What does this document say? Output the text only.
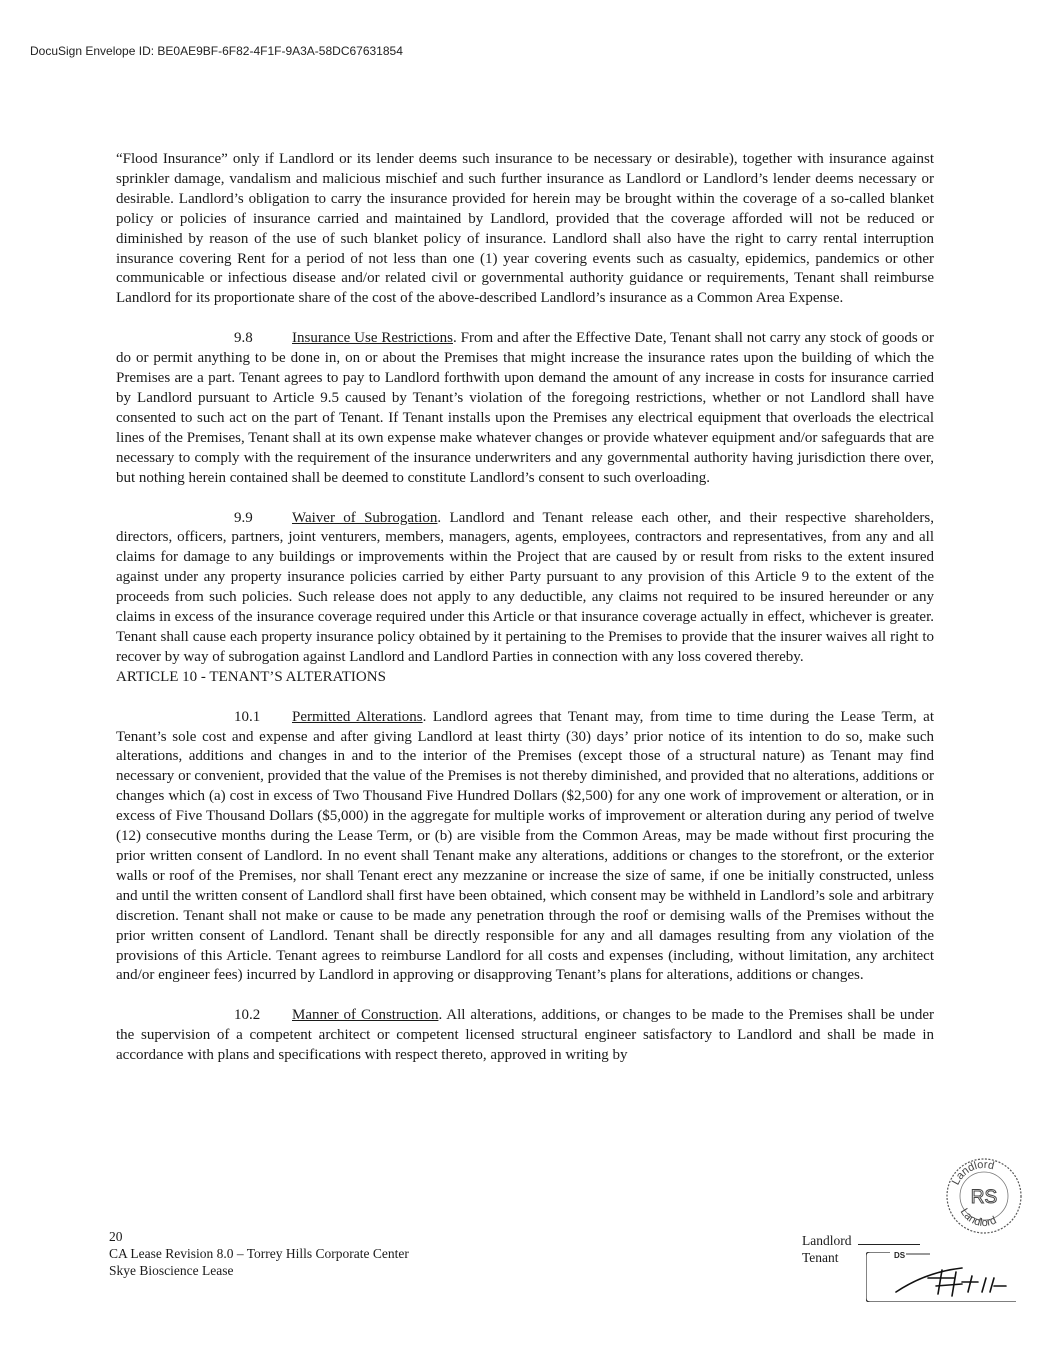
DocuSign Envelope ID: BE0AE9BF-6F82-4F1F-9A3A-58DC67631854

“Flood Insurance” only if Landlord or its lender deems such insurance to be necessary or desirable), together with insurance against sprinkler damage, vandalism and malicious mischief and such further insurance as Landlord or Landlord’s lender deems necessary or desirable. Landlord’s obligation to carry the insurance provided for herein may be brought within the coverage of a so-called blanket policy or policies of insurance carried and maintained by Landlord, provided that the coverage afforded will not be reduced or diminished by reason of the use of such blanket policy of insurance. Landlord shall also have the right to carry rental interruption insurance covering Rent for a period of not less than one (1) year covering events such as casualty, epidemics, pandemics or other communicable or infectious disease and/or related civil or governmental authority guidance or requirements, Tenant shall reimburse Landlord for its proportionate share of the cost of the above-described Landlord’s insurance as a Common Area Expense.

9.8	Insurance Use Restrictions. From and after the Effective Date, Tenant shall not carry any stock of goods or do or permit anything to be done in, on or about the Premises that might increase the insurance rates upon the building of which the Premises are a part. Tenant agrees to pay to Landlord forthwith upon demand the amount of any increase in costs for insurance carried by Landlord pursuant to Article 9.5 caused by Tenant’s violation of the foregoing restrictions, whether or not Landlord shall have consented to such act on the part of Tenant. If Tenant installs upon the Premises any electrical equipment that overloads the electrical lines of the Premises, Tenant shall at its own expense make whatever changes or provide whatever equipment and/or safeguards that are necessary to comply with the requirement of the insurance underwriters and any governmental authority having jurisdiction there over, but nothing herein contained shall be deemed to constitute Landlord’s consent to such overloading.

9.9	Waiver of Subrogation. Landlord and Tenant release each other, and their respective shareholders, directors, officers, partners, joint venturers, members, managers, agents, employees, contractors and representatives, from any and all claims for damage to any buildings or improvements within the Project that are caused by or result from risks to the extent insured against under any property insurance policies carried by either Party pursuant to any provision of this Article 9 to the extent of the proceeds from such policies. Such release does not apply to any deductible, any claims not required to be insured hereunder or any claims in excess of the insurance coverage required under this Article or that insurance coverage actually in effect, whichever is greater. Tenant shall cause each property insurance policy obtained by it pertaining to the Premises to provide that the insurer waives all right to recover by way of subrogation against Landlord and Landlord Parties in connection with any loss covered thereby.

ARTICLE 10 - TENANT’S ALTERATIONS

10.1 Permitted Alterations. Landlord agrees that Tenant may, from time to time during the Lease Term, at Tenant’s sole cost and expense and after giving Landlord at least thirty (30) days’ prior notice of its intention to do so, make such alterations, additions and changes in and to the interior of the Premises (except those of a structural nature) as Tenant may find necessary or convenient, provided that the value of the Premises is not thereby diminished, and provided that no alterations, additions or changes which (a) cost in excess of Two Thousand Five Hundred Dollars ($2,500) for any one work of improvement or alteration, or in excess of Five Thousand Dollars ($5,000) in the aggregate for multiple works of improvement or alteration during any period of twelve (12) consecutive months during the Lease Term, or (b) are visible from the Common Areas, may be made without first procuring the prior written consent of Landlord. In no event shall Tenant make any alterations, additions or changes to the storefront, or the exterior walls or roof of the Premises, nor shall Tenant erect any mezzanine or increase the size of same, if one be initially constructed, unless and until the written consent of Landlord shall first have been obtained, which consent may be withheld in Landlord’s sole and arbitrary discretion. Tenant shall not make or cause to be made any penetration through the roof or demising walls of the Premises without the prior written consent of Landlord. Tenant shall be directly responsible for any and all damages resulting from any violation of the provisions of this Article. Tenant agrees to reimburse Landlord for all costs and expenses (including, without limitation, any architect and/or engineer fees) incurred by Landlord in approving or disapproving Tenant’s plans for alterations, additions or changes.

10.2 Manner of Construction. All alterations, additions, or changes to be made to the Premises shall be under the supervision of a competent architect or competent licensed structural engineer satisfactory to Landlord and shall be made in accordance with plans and specifications with respect thereto, approved in writing by

Landlord
Landlord
RS
20
CA Lease Revision 8.0 – Torrey Hills Corporate Center
Skye Bioscience Lease
Landlord
Tenant	DS
